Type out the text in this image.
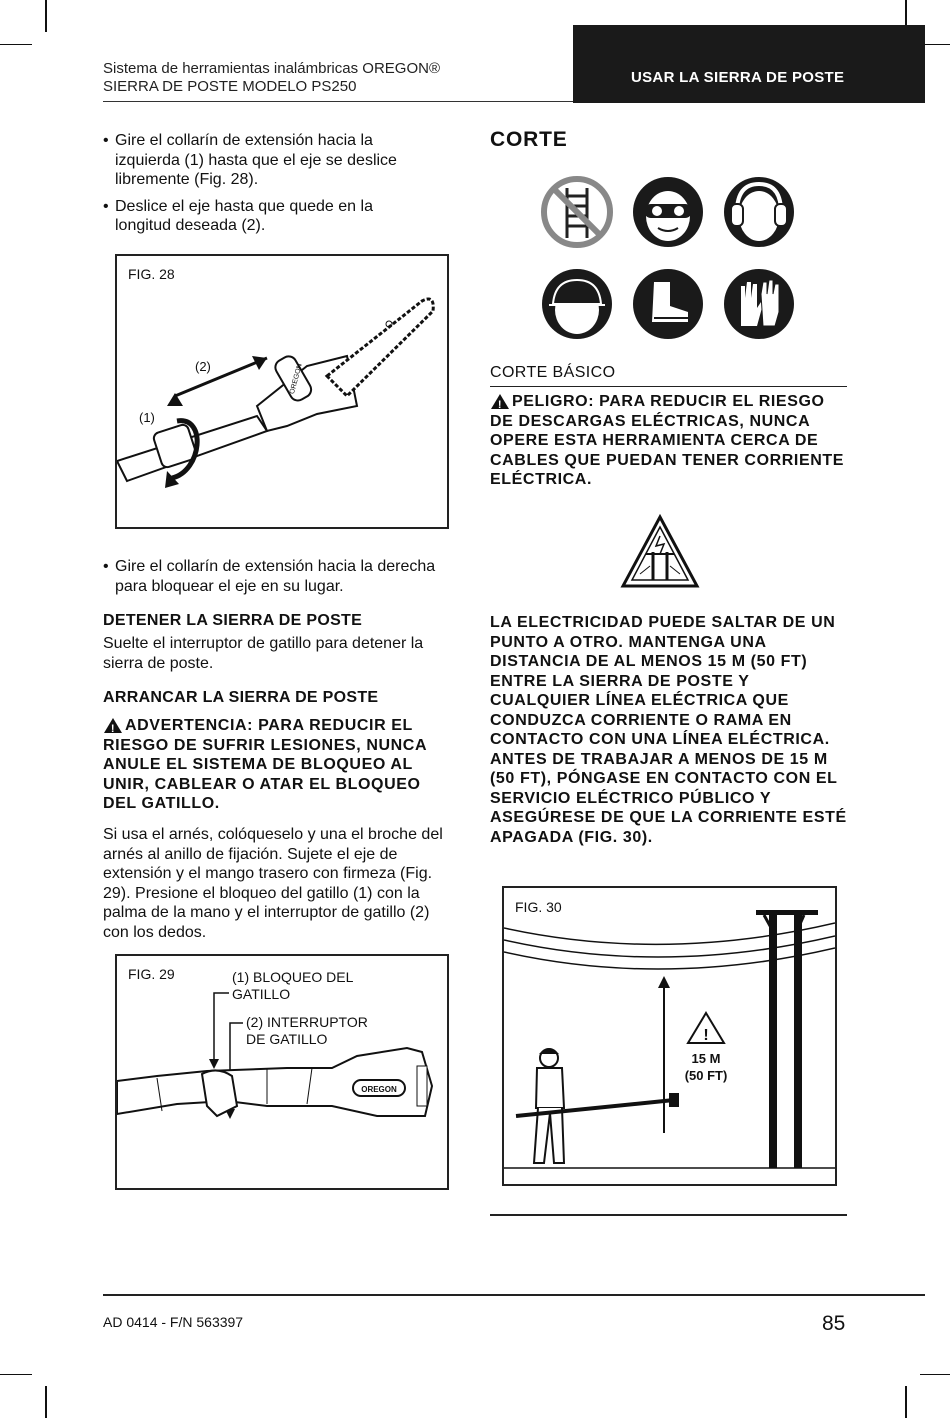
Sistema de herramientas inalámbricas OREGON®
SIERRA DE POSTE MODELO PS250
USAR LA SIERRA DE POSTE
• Gire el collarín de extensión hacia la izquierda (1) hasta que el eje se deslice libremente (Fig. 28).
• Deslice el eje hasta que quede en la longitud deseada (2).
FIG. 28
OREGON
(2)
(1)
• Gire el collarín de extensión hacia la derecha para bloquear el eje en su lugar.
DETENER LA SIERRA DE POSTE
Suelte el interruptor de gatillo para detener la sierra de poste.
ARRANCAR LA SIERRA DE POSTE
! ADVERTENCIA: PARA REDUCIR EL RIESGO DE SUFRIR LESIONES, NUNCA ANULE EL SISTEMA DE BLOQUEO AL UNIR, CABLEAR O ATAR EL BLOQUEO DEL GATILLO.
Si usa el arnés, colóqueselo y una el broche del arnés al anillo de fijación. Sujete el eje de extensión y el mango trasero con firmeza (Fig. 29). Presione el bloqueo del gatillo (1) con la palma de la mano y el interruptor de gatillo (2) con los dedos.
FIG. 29	(1) BLOQUEO DEL
GATILLO
(2) INTERRUPTOR
DE GATILLO
OREGON
CORTE
CORTE BÁSICO
! PELIGRO: PARA REDUCIR EL RIESGO DE DESCARGAS ELÉCTRICAS, NUNCA OPERE ESTA HERRAMIENTA CERCA DE CABLES QUE PUEDAN TENER CORRIENTE ELÉCTRICA.
LA ELECTRICIDAD PUEDE SALTAR DE UN PUNTO A OTRO. MANTENGA UNA DISTANCIA DE AL MENOS 15 M (50 FT) ENTRE LA SIERRA DE POSTE Y CUALQUIER LÍNEA ELÉCTRICA QUE CONDUZCA CORRIENTE O RAMA EN CONTACTO CON UNA LÍNEA ELÉCTRICA. ANTES DE TRABAJAR A MENOS DE 15 M (50 FT), PÓNGASE EN CONTACTO CON EL SERVICIO ELÉCTRICO PÚBLICO Y ASEGÚRESE DE QUE LA CORRIENTE ESTÉ APAGADA (FIG. 30).
FIG. 30
!
15 M
(50 FT)
AD 0414 - F/N 563397	85
